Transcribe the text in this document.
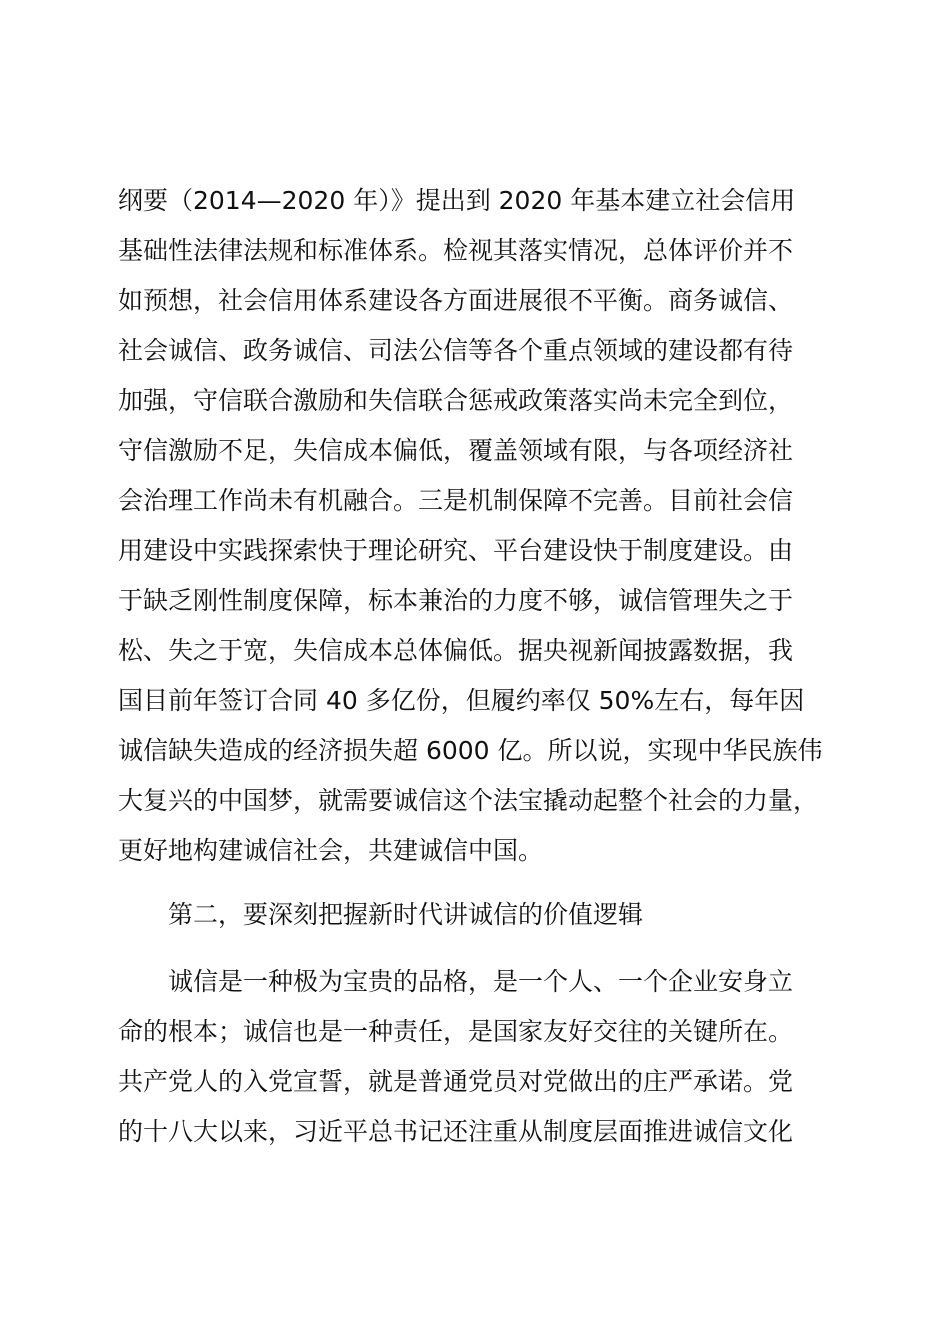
纲要（2014—2020 年）》提出到 2020 年基本建立社会信用
基础性法律法规和标准体系。检视其落实情况，总体评价并不
如预想，社会信用体系建设各方面进展很不平衡。商务诚信、
社会诚信、政务诚信、司法公信等各个重点领域的建设都有待
加强，守信联合激励和失信联合惩戒政策落实尚未完全到位，
守信激励不足，失信成本偏低，覆盖领域有限，与各项经济社
会治理工作尚未有机融合。三是机制保障不完善。目前社会信
用建设中实践探索快于理论研究、平台建设快于制度建设。由
于缺乏刚性制度保障，标本兼治的力度不够，诚信管理失之于
松、失之于宽，失信成本总体偏低。据央视新闻披露数据，我
国目前年签订合同 40 多亿份，但履约率仅 50%左右，每年因
诚信缺失造成的经济损失超 6000 亿。所以说，实现中华民族伟
大复兴的中国梦，就需要诚信这个法宝撬动起整个社会的力量，
更好地构建诚信社会，共建诚信中国。
　　第二，要深刻把握新时代讲诚信的价值逻辑
　　诚信是一种极为宝贵的品格，是一个人、一个企业安身立
命的根本；诚信也是一种责任，是国家友好交往的关键所在。
共产党人的入党宣誓，就是普通党员对党做出的庄严承诺。党
的十八大以来，习近平总书记还注重从制度层面推进诚信文化
